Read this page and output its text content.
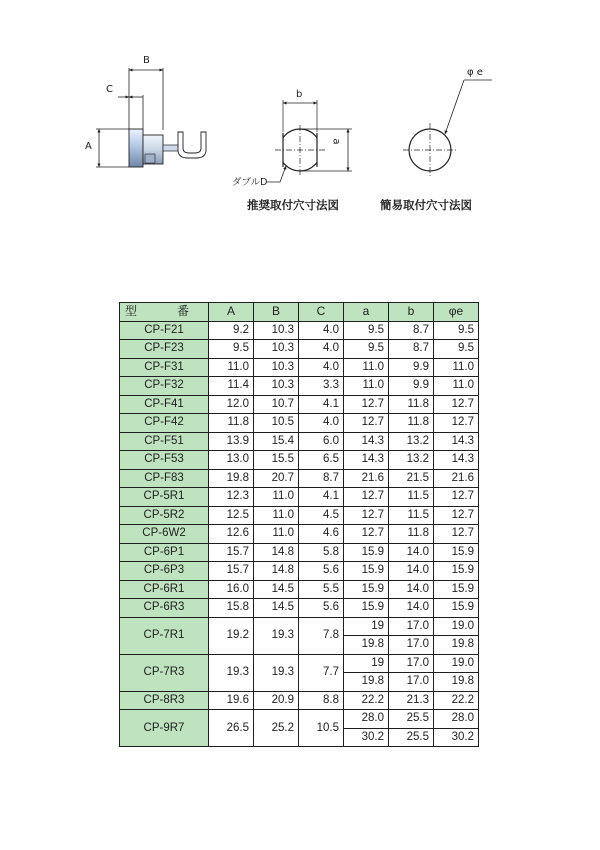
B
C
A
b
a
φ e
ダブルD
推奨取付穴寸法図	簡易取付穴寸法図
型　番	A	B	C	a	b	φe
CP-F21	9.2	10.3	4.0	9.5	8.7	9.5
CP-F23	9.5	10.3	4.0	9.5	8.7	9.5
CP-F31	11.0	10.3	4.0	11.0	9.9	11.0
CP-F32	11.4	10.3	3.3	11.0	9.9	11.0
CP-F41	12.0	10.7	4.1	12.7	11.8	12.7
CP-F42	11.8	10.5	4.0	12.7	11.8	12.7
CP-F51	13.9	15.4	6.0	14.3	13.2	14.3
CP-F53	13.0	15.5	6.5	14.3	13.2	14.3
CP-F83	19.8	20.7	8.7	21.6	21.5	21.6
CP-5R1	12.3	11.0	4.1	12.7	11.5	12.7
CP-5R2	12.5	11.0	4.5	12.7	11.5	12.7
CP-6W2	12.6	11.0	4.6	12.7	11.8	12.7
CP-6P1	15.7	14.8	5.8	15.9	14.0	15.9
CP-6P3	15.7	14.8	5.6	15.9	14.0	15.9
CP-6R1	16.0	14.5	5.5	15.9	14.0	15.9
CP-6R3	15.8	14.5	5.6	15.9	14.0	15.9
CP-7R1	19.2	19.3	7.8	19	17.0	19.0
				19.8	17.0	19.8
CP-7R3	19.3	19.3	7.7	19	17.0	19.0
				19.8	17.0	19.8
CP-8R3	19.6	20.9	8.8	22.2	21.3	22.2
CP-9R7	26.5	25.2	10.5	28.0	25.5	28.0
				30.2	25.5	30.2
